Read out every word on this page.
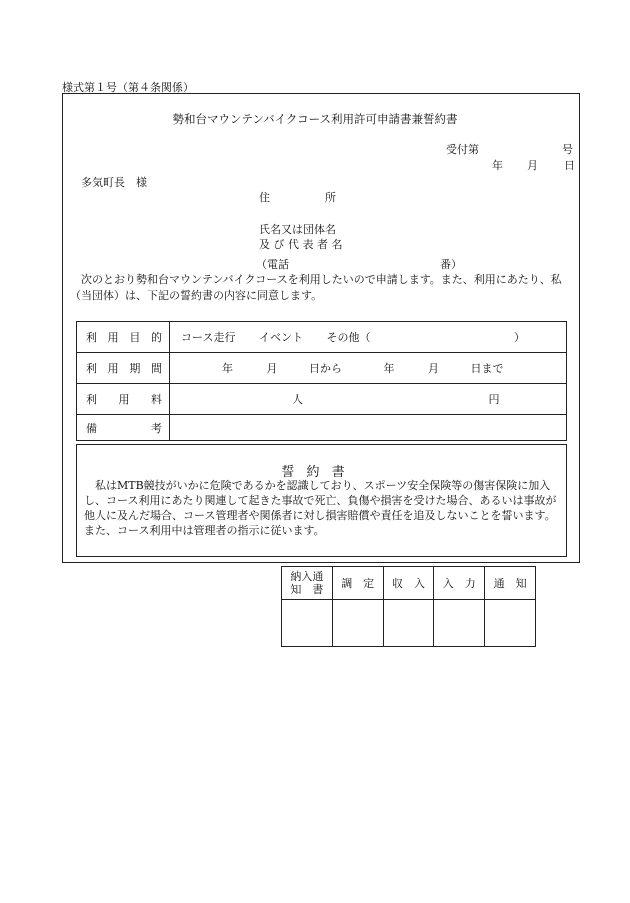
様式第１号（第４条関係）
勢和台マウンテンバイクコース利用許可申請書兼誓約書
受付第	号
年 月 日
多気町長　様
住　　　　　所
氏名又は団体名
及 び 代 表 者 名
（電話	番）
次のとおり勢和台マウンテンバイクコースを利用したいので申請します。また、利用にあたり、私（当団体）は、下記の誓約書の内容に同意します。
利用目的	コース走行 イベント その他（ ）
利用期間	年 月 日から 年 月 日まで
利用料	人 円
備考	
誓 約 書
私はMTB競技がいかに危険であるかを認識しており、スポーツ安全保険等の傷害保険に加入し、コース利用にあたり関連して起きた事故で死亡、負傷や損害を受けた場合、あるいは事故が他人に及んだ場合、コース管理者や関係者に対し損害賠償や責任を追及しないことを誓います。また、コース利用中は管理者の指示に従います。
納入通
知　書	調　定	収　入	入　力	通　知
